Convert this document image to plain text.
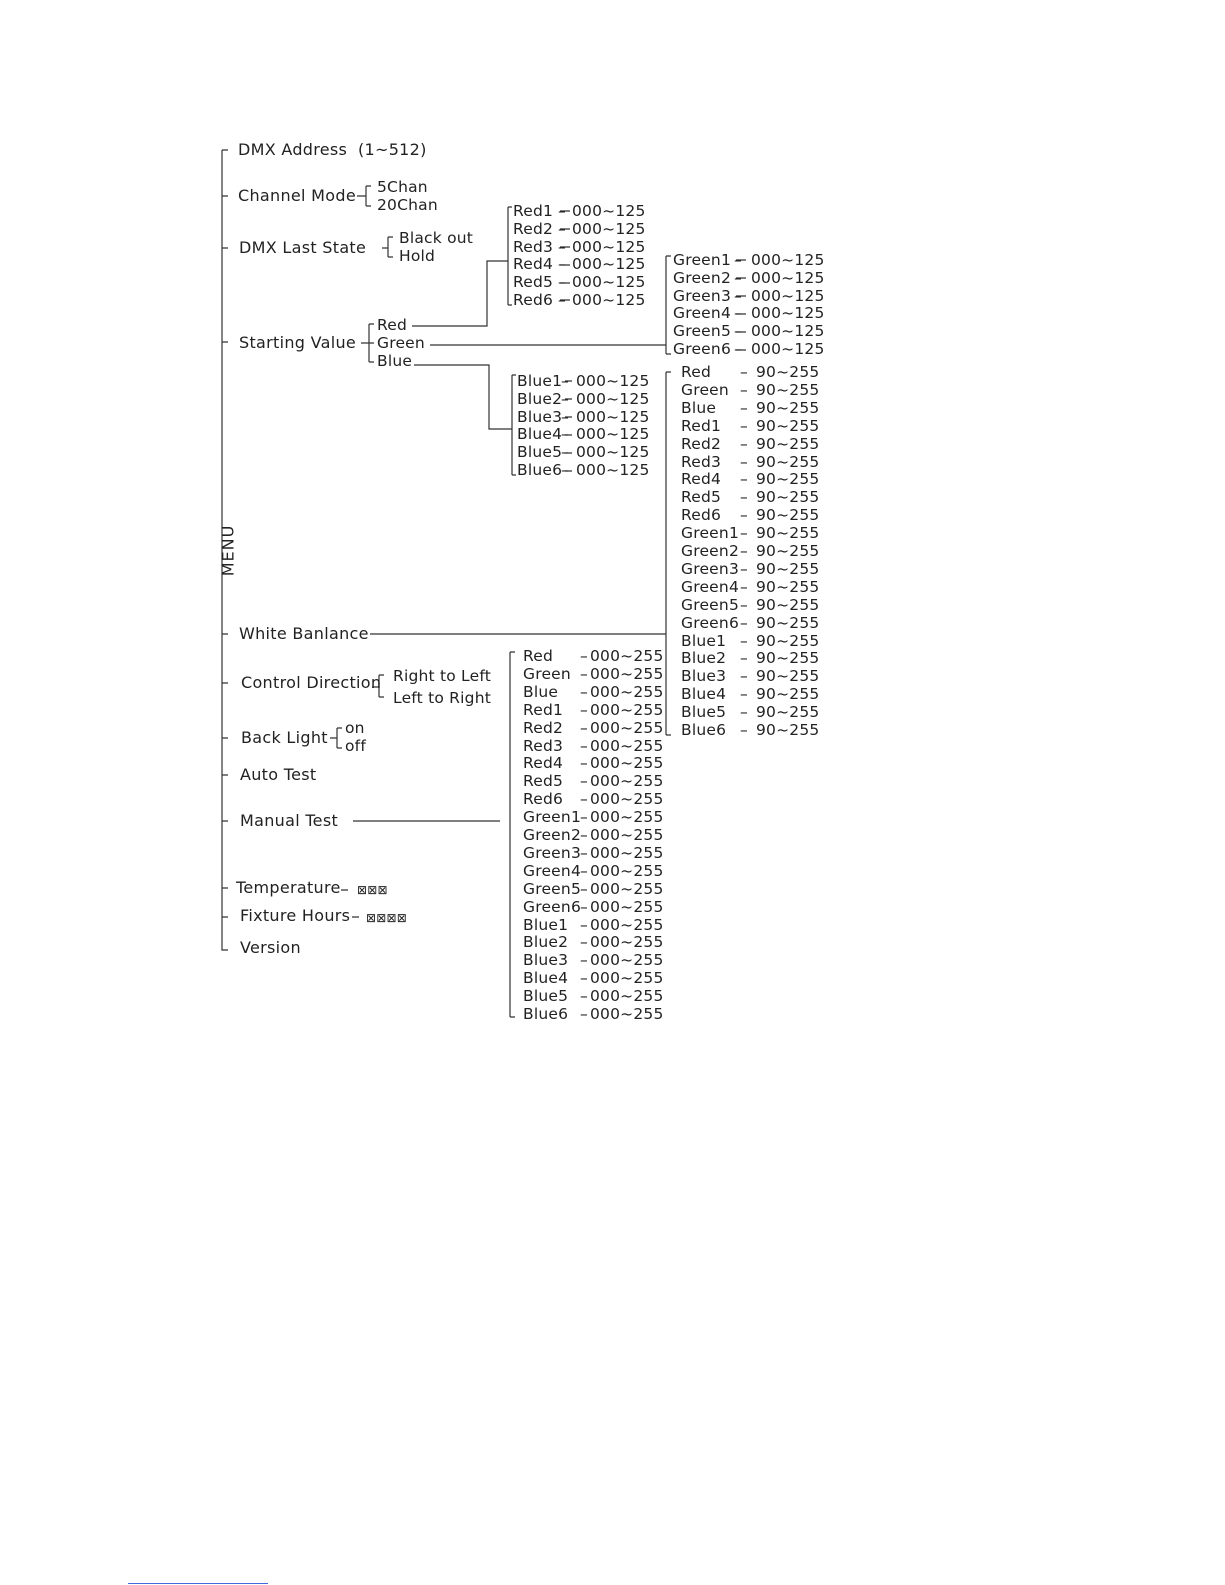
MENU
DMX Address  (1~512)
Channel Mode 5Chan
20Chan
DMX Last State Black out
Hold
Starting Value
Red
Green
Blue
White Banlance
Control Direction Right to Left
Left to Right
Back Light on
off
Auto Test
Manual Test
Temperature ⊠⊠⊠
Fixture Hours ⊠⊠⊠⊠
Version
Red1 – 000~125
Red2 – 000~125
Red3 – 000~125
Red4 – 000~125
Red5 – 000~125
Red6 – 000~125
Green1 – 000~125
Green2 – 000~125
Green3 – 000~125
Green4 – 000~125
Green5 – 000~125
Green6 – 000~125
Blue1
– 000~125
Blue2
– 000~125
Blue3
– 000~125
Blue4
– 000~125
Blue5
– 000~125
Blue6
– 000~125
Red – 90~255
Green – 90~255
Blue – 90~255
Red1 – 90~255
Red2 – 90~255
Red3 – 90~255
Red4 – 90~255
Red5 – 90~255
Red6 – 90~255
Green1 – 90~255
Green2 – 90~255
Green3 – 90~255
Green4 – 90~255
Green5 – 90~255
Green6 – 90~255
Blue1 – 90~255
Blue2 – 90~255
Blue3 – 90~255
Blue4 – 90~255
Blue5 – 90~255
Blue6 – 90~255
Red – 000~255
Green – 000~255
Blue – 000~255
Red1 – 000~255
Red2 – 000~255
Red3 – 000~255
Red4 – 000~255
Red5 – 000~255
Red6 – 000~255
Green1
– 000~255
Green2
– 000~255
Green3
– 000~255
Green4
– 000~255
Green5
– 000~255
Green6
– 000~255
Blue1 – 000~255
Blue2 – 000~255
Blue3 – 000~255
Blue4 – 000~255
Blue5 – 000~255
Blue6 – 000~255
